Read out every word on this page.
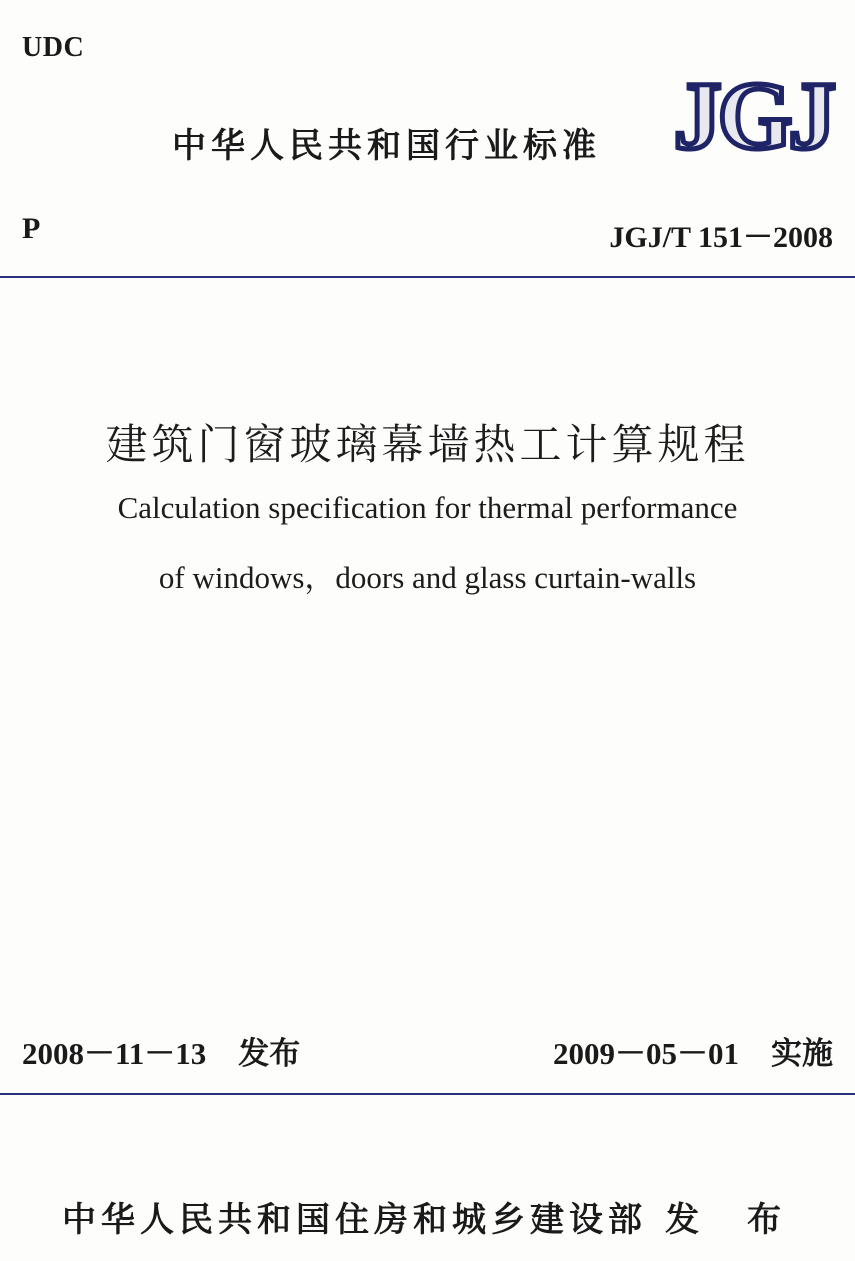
UDC
中华人民共和国行业标准 JGJ
P	JGJ/T 151－2008
建筑门窗玻璃幕墙热工计算规程
Calculation specification for thermal performance
of windows，doors and glass curtain-walls
2008－11－13 发布	2009－05－01 实施
中华人民共和国住房和城乡建设部 发 布
